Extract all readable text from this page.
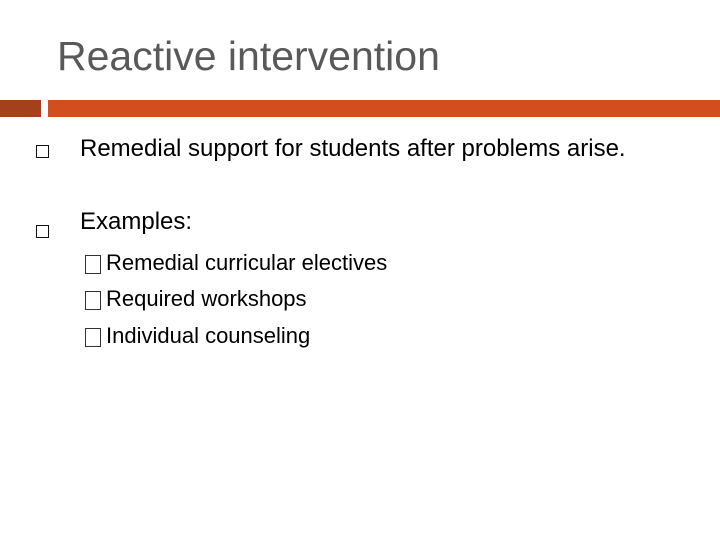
Reactive intervention
Remedial support for students after problems arise.
Examples:
Remedial curricular electives
Required workshops
Individual counseling
